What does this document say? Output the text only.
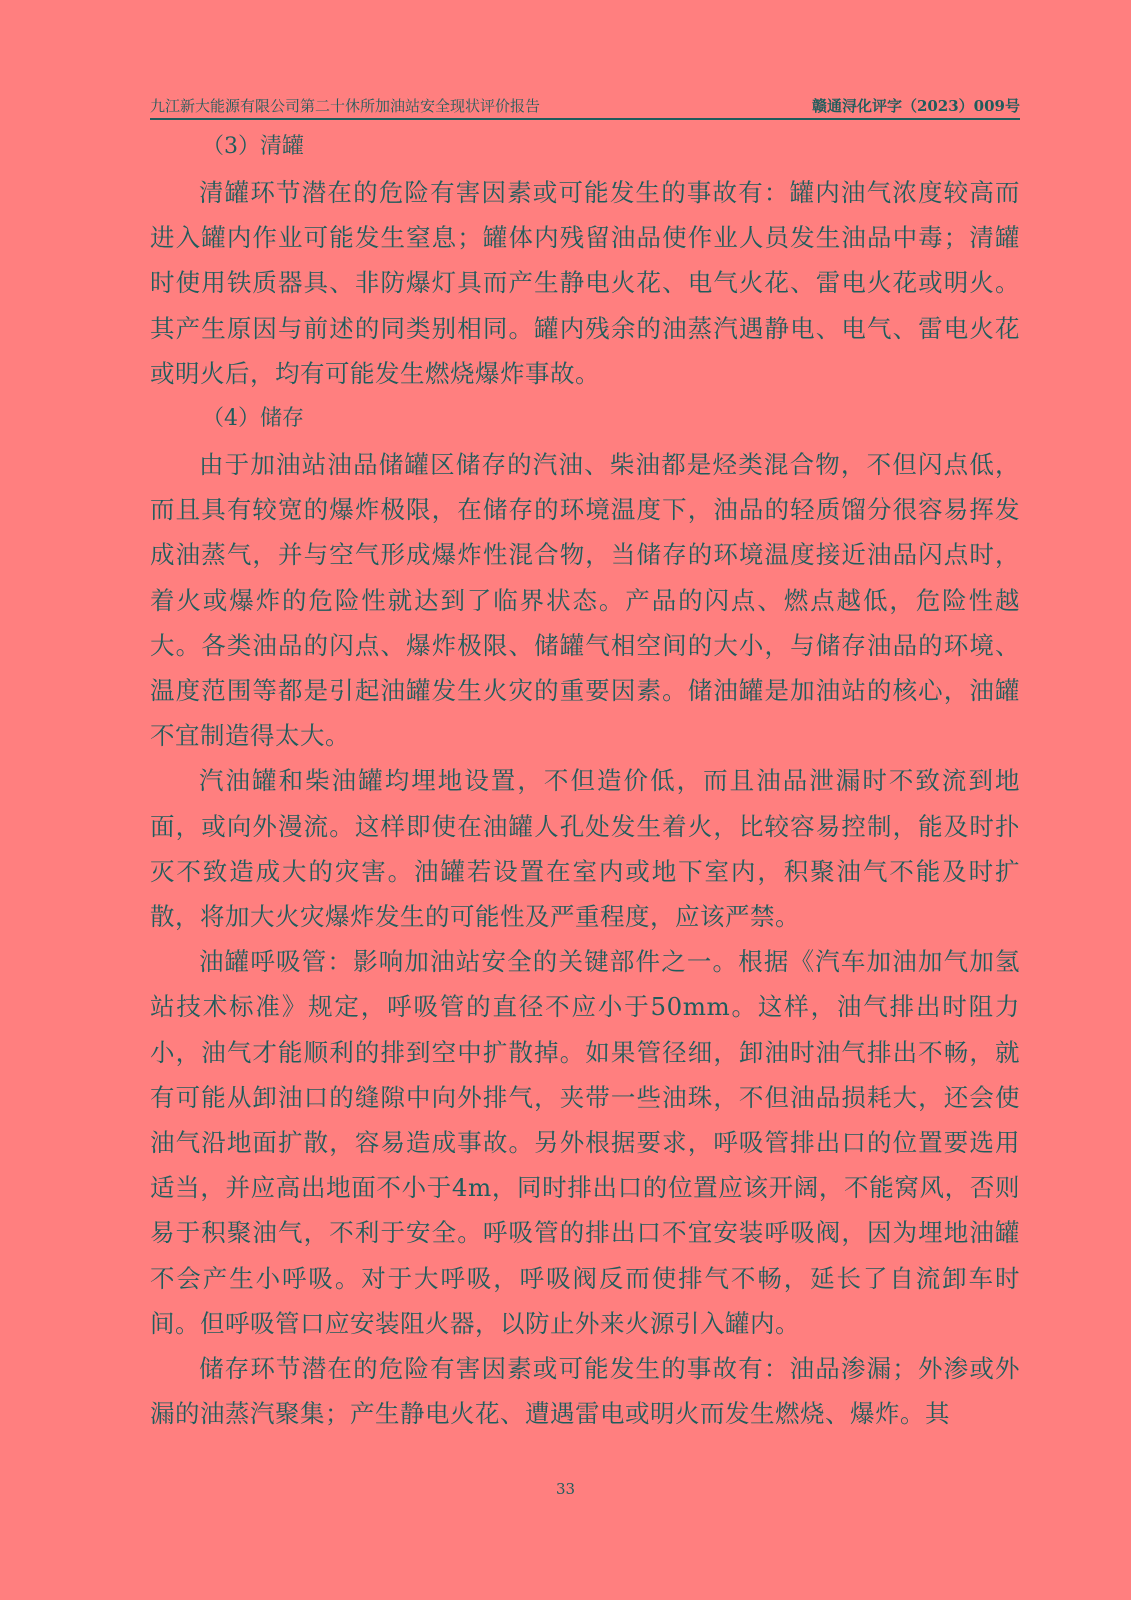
九江新大能源有限公司第二十休所加油站安全现状评价报告	赣通浔化评字（2023）009号
（3）清罐

清罐环节潜在的危险有害因素或可能发生的事故有：罐内油气浓度较高而进入罐内作业可能发生窒息；罐体内残留油品使作业人员发生油品中毒；清罐时使用铁质器具、非防爆灯具而产生静电火花、电气火花、雷电火花或明火。其产生原因与前述的同类别相同。罐内残余的油蒸汽遇静电、电气、雷电火花或明火后，均有可能发生燃烧爆炸事故。

（4）储存

由于加油站油品储罐区储存的汽油、柴油都是烃类混合物，不但闪点低，而且具有较宽的爆炸极限，在储存的环境温度下，油品的轻质馏分很容易挥发成油蒸气，并与空气形成爆炸性混合物，当储存的环境温度接近油品闪点时，着火或爆炸的危险性就达到了临界状态。产品的闪点、燃点越低，危险性越大。各类油品的闪点、爆炸极限、储罐气相空间的大小，与储存油品的环境、温度范围等都是引起油罐发生火灾的重要因素。储油罐是加油站的核心，油罐不宜制造得太大。

汽油罐和柴油罐均埋地设置，不但造价低，而且油品泄漏时不致流到地面，或向外漫流。这样即使在油罐人孔处发生着火，比较容易控制，能及时扑灭不致造成大的灾害。油罐若设置在室内或地下室内，积聚油气不能及时扩散，将加大火灾爆炸发生的可能性及严重程度，应该严禁。

油罐呼吸管：影响加油站安全的关键部件之一。根据《汽车加油加气加氢站技术标准》规定，呼吸管的直径不应小于50mm。这样，油气排出时阻力小，油气才能顺利的排到空中扩散掉。如果管径细，卸油时油气排出不畅，就有可能从卸油口的缝隙中向外排气，夹带一些油珠，不但油品损耗大，还会使油气沿地面扩散，容易造成事故。另外根据要求，呼吸管排出口的位置要选用适当，并应高出地面不小于4m，同时排出口的位置应该开阔，不能窝风，否则易于积聚油气，不利于安全。呼吸管的排出口不宜安装呼吸阀，因为埋地油罐不会产生小呼吸。对于大呼吸，呼吸阀反而使排气不畅，延长了自流卸车时间。但呼吸管口应安装阻火器，以防止外来火源引入罐内。

储存环节潜在的危险有害因素或可能发生的事故有：油品渗漏；外渗或外漏的油蒸汽聚集；产生静电火花、遭遇雷电或明火而发生燃烧、爆炸。其

33
